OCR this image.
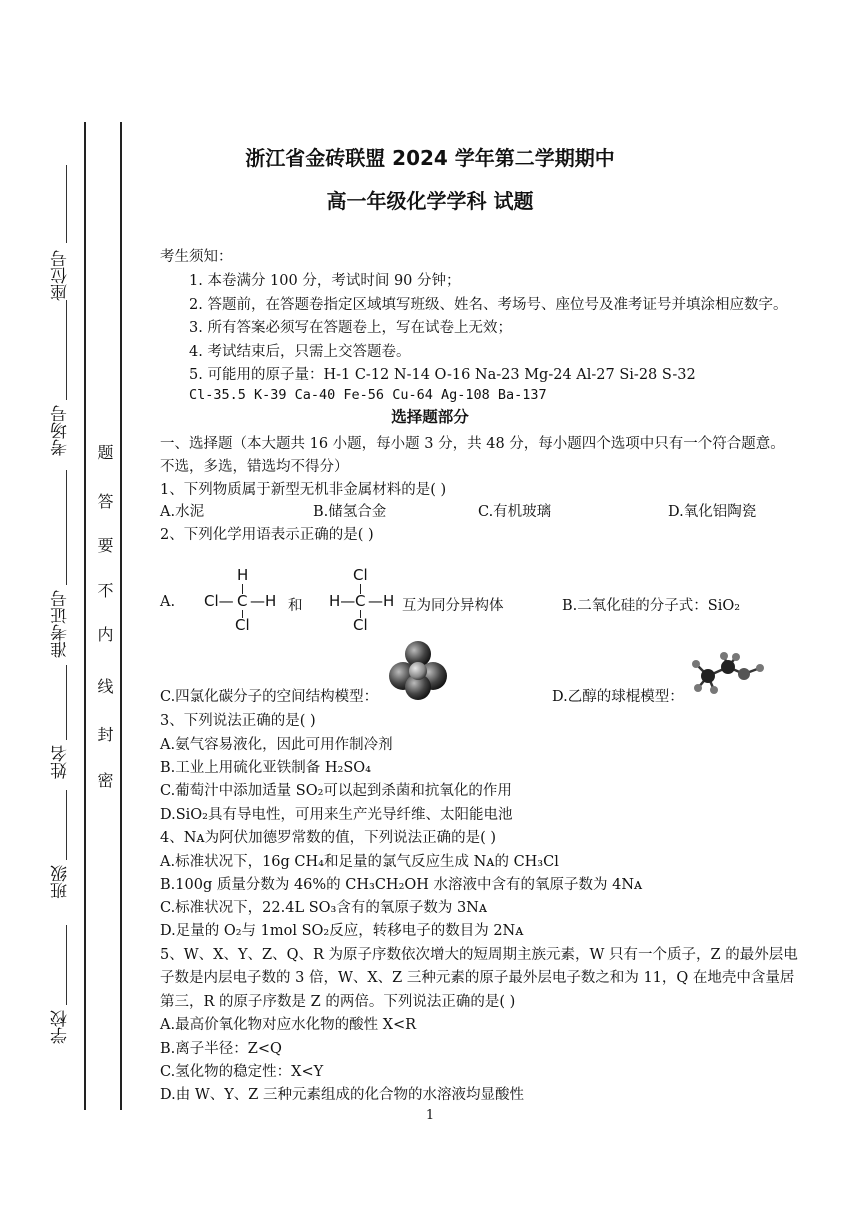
学校
班级
姓名
准考证号
考场号
座位号
密
封
线
内
不
要
答
题
浙江省金砖联盟 2024 学年第二学期期中
高一年级化学学科 试题
考生须知：
1. 本卷满分 100 分，考试时间 90 分钟；
2. 答题前，在答题卷指定区域填写班级、姓名、考场号、座位号及准考证号并填涂相应数字。
3. 所有答案必须写在答题卷上，写在试卷上无效；
4. 考试结束后，只需上交答题卷。
5. 可能用的原子量：H-1 C-12 N-14 O-16 Na-23 Mg-24 Al-27 Si-28 S-32
Cl-35.5 K-39 Ca-40 Fe-56 Cu-64 Ag-108 Ba-137
选择题部分
一、选择题（本大题共 16 小题，每小题 3 分，共 48 分，每小题四个选项中只有一个符合题意。
不选，多选，错选均不得分）
1、下列物质属于新型无机非金属材料的是( )
A.水泥	B.储氢合金	C.有机玻璃	D.氧化铝陶瓷
2、下列化学用语表示正确的是( )
A.
H
Cl— C —H
Cl
和
Cl
H— C —H
Cl
互为同分异构体	B.二氧化硅的分子式：SiO₂
C.四氯化碳分子的空间结构模型：	D.乙醇的球棍模型：
3、下列说法正确的是( )
A.氨气容易液化，因此可用作制冷剂
B.工业上用硫化亚铁制备 H₂SO₄
C.葡萄汁中添加适量 SO₂可以起到杀菌和抗氧化的作用
D.SiO₂具有导电性，可用来生产光导纤维、太阳能电池
4、Nᴀ为阿伏加德罗常数的值，下列说法正确的是( )
A.标准状况下，16g CH₄和足量的氯气反应生成 Nᴀ的 CH₃Cl
B.100g 质量分数为 46%的 CH₃CH₂OH 水溶液中含有的氧原子数为 4Nᴀ
C.标准状况下，22.4L SO₃含有的氧原子数为 3Nᴀ
D.足量的 O₂与 1mol SO₂反应，转移电子的数目为 2Nᴀ
5、W、X、Y、Z、Q、R 为原子序数依次增大的短周期主族元素，W 只有一个质子，Z 的最外层电
子数是内层电子数的 3 倍，W、X、Z 三种元素的原子最外层电子数之和为 11，Q 在地壳中含量居
第三，R 的原子序数是 Z 的两倍。下列说法正确的是( )
A.最高价氧化物对应水化物的酸性 X<R
B.离子半径：Z<Q
C.氢化物的稳定性：X<Y
D.由 W、Y、Z 三种元素组成的化合物的水溶液均显酸性
1
